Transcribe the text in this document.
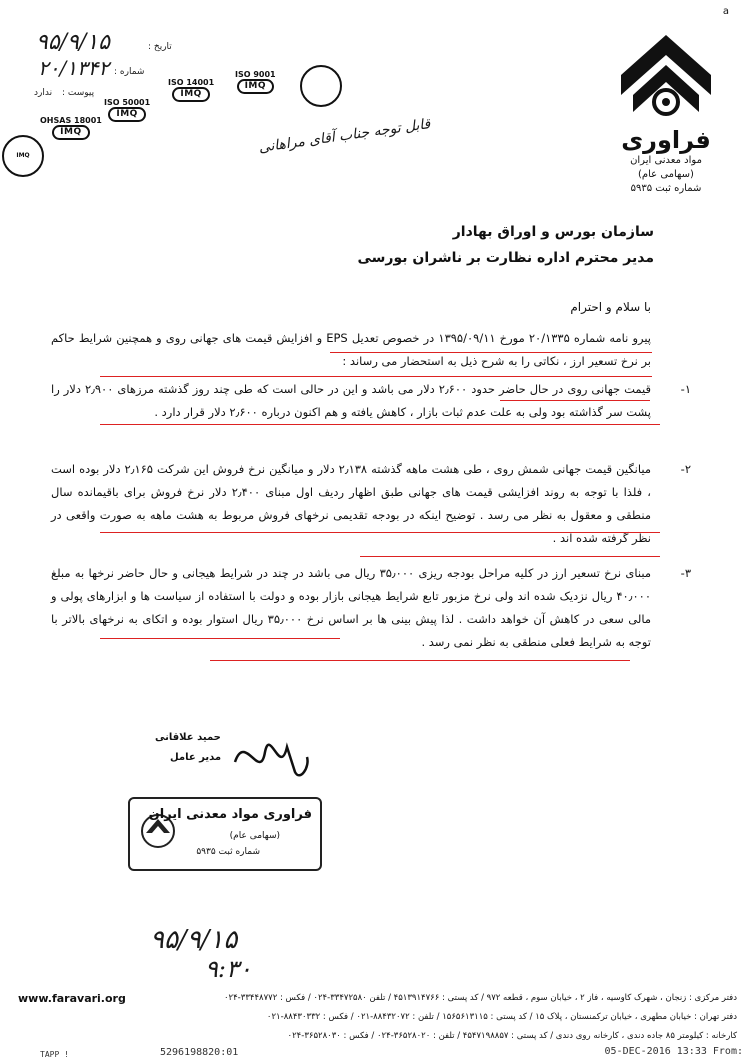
a
تاریخ :
۹۵/۹/۱۵
شماره :
۲۰/۱۳۴۲
پیوست :
ندارد
ISO 14001
IMQ
ISO 9001
IMQ
ISO 50001
IMQ
OHSAS 18001
IMQ
IMQ	قابل توجه جناب آقای مراهانی	فراوری
مواد معدنی ایران
(سهامی عام)
شماره ثبت ۵۹۳۵
سازمان بورس و اوراق بهادار
مدیر محترم اداره نظارت بر ناشران بورسی
با سلام و احترام
پیرو نامه شماره ۲۰/۱۳۳۵ مورخ ۱۳۹۵/۰۹/۱۱ در خصوص تعدیل EPS و افزایش قیمت های جهانی روی و همچنین شرایط حاکم بر نرخ تسعیر ارز ، نکاتی را به شرح ذیل به استحضار می رساند :
۱-
قیمت جهانی روی در حال حاضر حدود ۲٫۶۰۰ دلار می باشد و این در حالی است که طی چند روز گذشته مرزهای ۲٫۹۰۰ دلار را پشت سر گذاشته بود ولی به علت عدم ثبات بازار ، کاهش یافته و هم اکنون درباره ۲٫۶۰۰ دلار قرار دارد .
۲-
میانگین قیمت جهانی شمش روی ، طی هشت ماهه گذشته ۲٫۱۳۸ دلار و میانگین نرخ فروش این شرکت ۲٫۱۶۵ دلار بوده است ، فلذا با توجه به روند افزایشی قیمت های جهانی طبق اظهار ردیف اول مبنای ۲٫۴۰۰ دلار نرخ فروش برای باقیمانده سال منطقی و معقول به نظر می رسد . توضیح اینکه در بودجه تقدیمی نرخهای فروش مربوط به هشت ماهه به صورت واقعی در نظر گرفته شده اند .
۳-
مبنای نرخ تسعیر ارز در کلیه مراحل بودجه ریزی ۳۵٫۰۰۰ ریال می باشد در چند در شرایط هیجانی و حال حاضر نرخها به مبلغ ۴۰٫۰۰۰ ریال نزدیک شده اند ولی نرخ مزبور تابع شرایط هیجانی بازار بوده و دولت با استفاده از سیاست ها و ابزارهای پولی و مالی سعی در کاهش آن خواهد داشت . لذا پیش بینی ها بر اساس نرخ ۳۵٫۰۰۰ ریال استوار بوده و اتکای به نرخهای بالاتر با توجه به شرایط فعلی منطقی به نظر نمی رسد .
حمید علاقانی
مدیر عامل
فراوری مواد معدنی ایران
(سهامی عام)
شماره ثبت ۵۹۳۵
۹۵/۹/۱۵
۹:۳۰
www.faravari.org	دفتر مرکزی : زنجان ، شهرک کاوسیه ، فاز ۲ ، خیابان سوم ، قطعه ۹۷۲ / کد پستی : ۴۵۱۳۹۱۴۷۶۶ / تلفن ۳۳۴۷۲۵۸۰-۰۲۴ / فکس : ۳۳۴۴۸۷۷۲-۰۲۴
دفتر تهران : خیابان مطهری ، خیابان ترکمنستان ، پلاک ۱۵ / کد پستی : ۱۵۶۵۶۱۳۱۱۵ / تلفن : ۸۸۴۳۲۰۷۲-۰۲۱ / فکس : ۸۸۴۳۰۳۳۲-۰۲۱
کارخانه : کیلومتر ۸۵ جاده دندی ، کارخانه روی دندی / کد پستی : ۴۵۴۷۱۹۸۸۵۷ / تلفن : ۳۶۵۲۸۰۲۰-۰۲۴ / فکس : ۳۶۵۲۸۰۳۰-۰۲۴
05-DEC-2016 13:33 From:
5296198820:01
TAPP !
